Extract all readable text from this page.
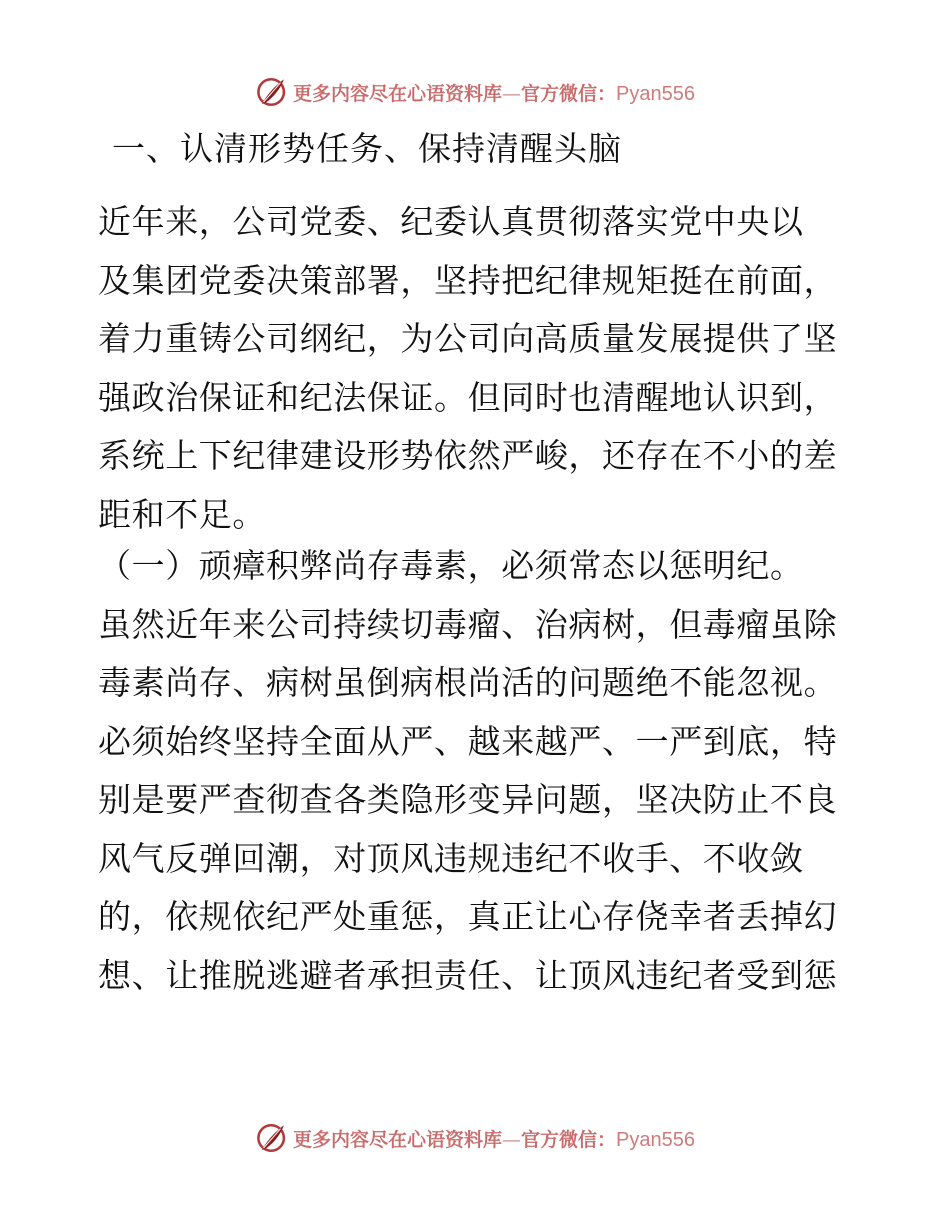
更多内容尽在心语资料库—官方微信：Pyan556
一、认清形势任务、保持清醒头脑
近年来，公司党委、纪委认真贯彻落实党中央以
及集团党委决策部署，坚持把纪律规矩挺在前面，
着力重铸公司纲纪，为公司向高质量发展提供了坚
强政治保证和纪法保证。但同时也清醒地认识到，
系统上下纪律建设形势依然严峻，还存在不小的差
距和不足。
（一）顽瘴积弊尚存毒素，必须常态以惩明纪。
虽然近年来公司持续切毒瘤、治病树，但毒瘤虽除
毒素尚存、病树虽倒病根尚活的问题绝不能忽视。
必须始终坚持全面从严、越来越严、一严到底，特
别是要严查彻查各类隐形变异问题，坚决防止不良
风气反弹回潮，对顶风违规违纪不收手、不收敛
的，依规依纪严处重惩，真正让心存侥幸者丢掉幻
想、让推脱逃避者承担责任、让顶风违纪者受到惩
更多内容尽在心语资料库—官方微信：Pyan556
